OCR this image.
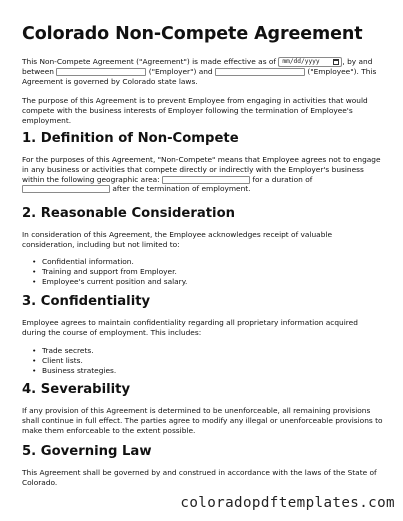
Colorado Non-Compete Agreement

This Non-Compete Agreement ("Agreement") is made effective as of mm/dd/yyyy	, by and between	("Employer") and	("Employee"). This Agreement is governed by Colorado state laws.

The purpose of this Agreement is to prevent Employee from engaging in activities that would compete with the business interests of Employer following the termination of Employee's employment.

1. Definition of Non-Compete

For the purposes of this Agreement, "Non-Compete" means that Employee agrees not to engage in any business or activities that compete directly or indirectly with the Employer's business within the following geographic area:	for a duration of  after the termination of employment.

2. Reasonable Consideration

In consideration of this Agreement, the Employee acknowledges receipt of valuable consideration, including but not limited to:

• Confidential information.
• Training and support from Employer.
• Employee's current position and salary.
3. Confidentiality

Employee agrees to maintain confidentiality regarding all proprietary information acquired during the course of employment. This includes:

• Trade secrets.
• Client lists.
• Business strategies.
4. Severability

If any provision of this Agreement is determined to be unenforceable, all remaining provisions shall continue in full effect. The parties agree to modify any illegal or unenforceable provisions to make them enforceable to the extent possible.

5. Governing Law

This Agreement shall be governed by and construed in accordance with the laws of the State of Colorado.

coloradopdftemplates.com
